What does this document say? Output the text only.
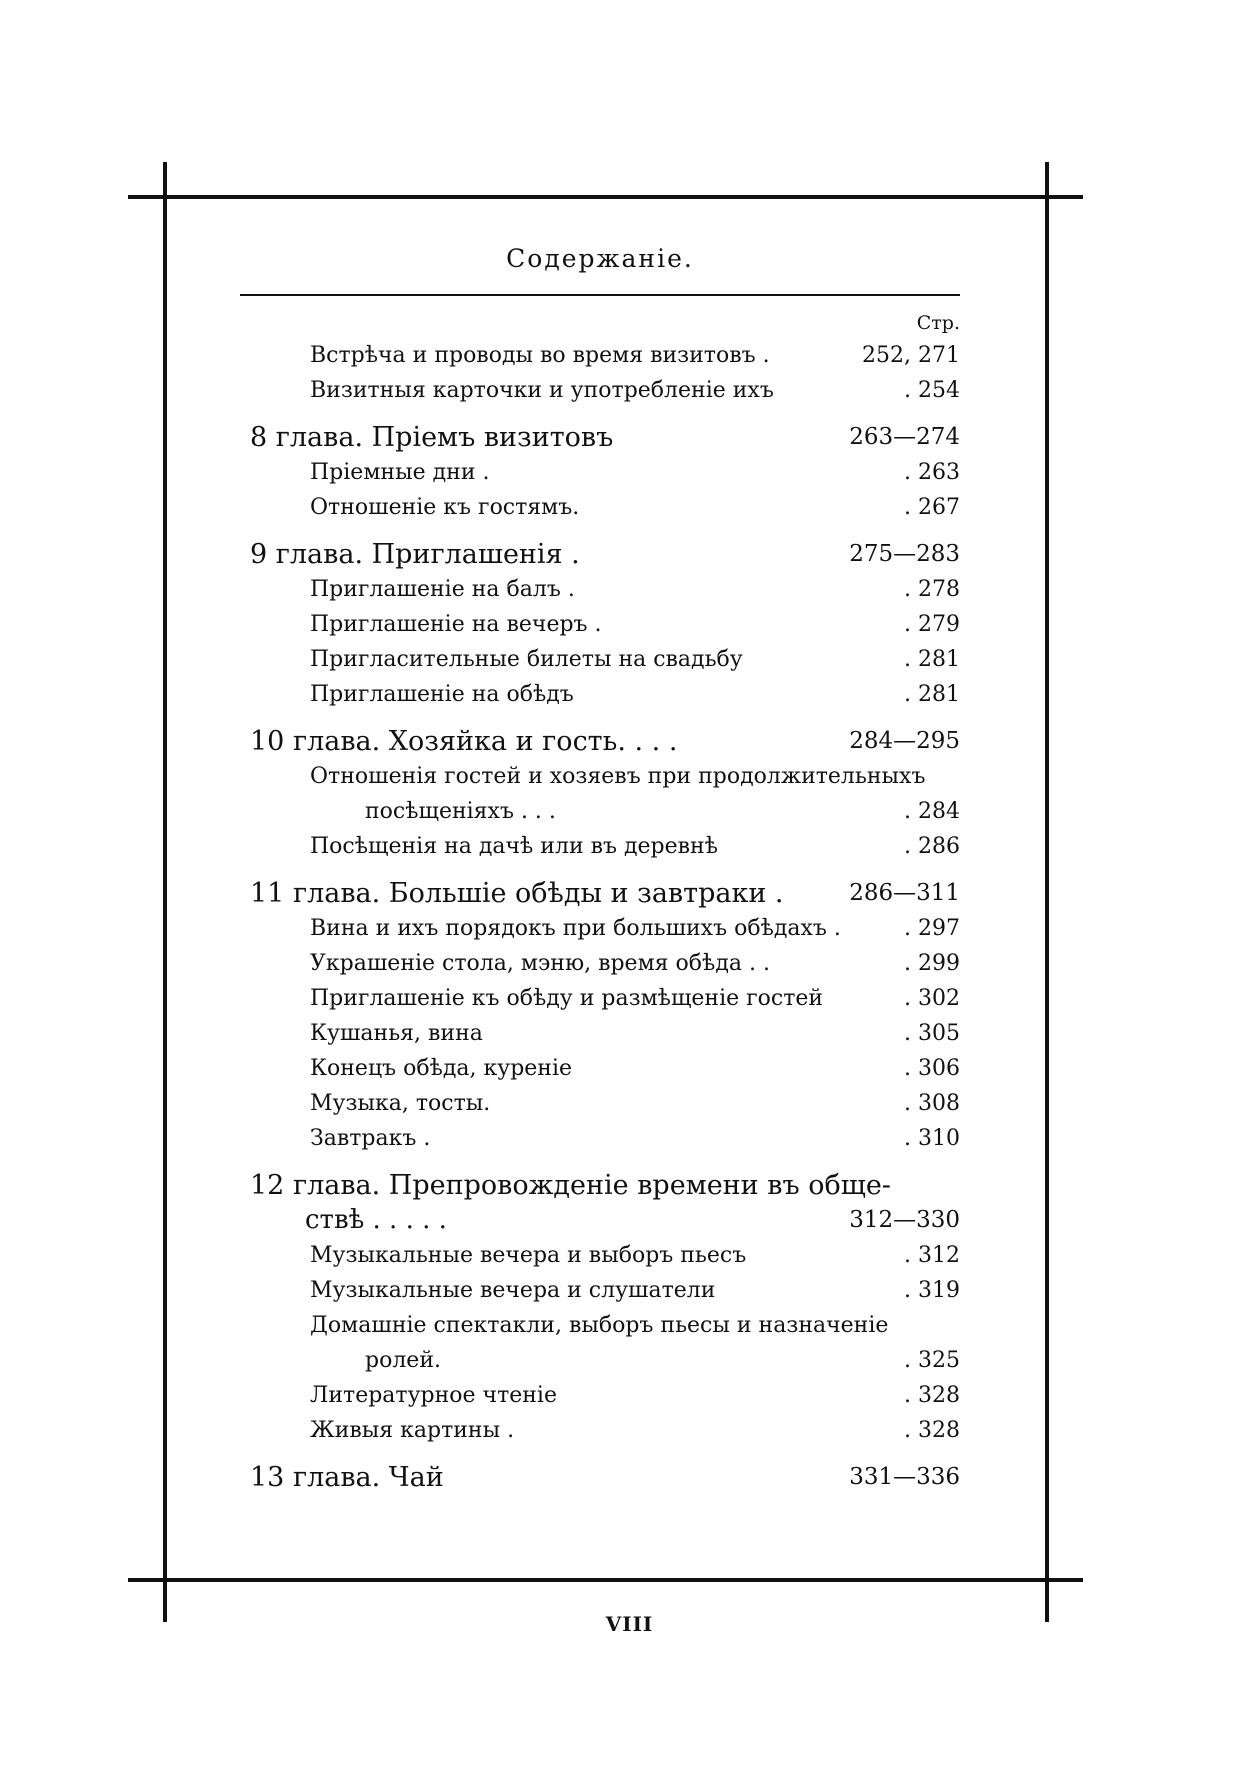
Содержаніе.
Стр.
Встрѣча и проводы во время визитовъ .	252, 271
Визитныя карточки и употребленіе ихъ	. 254
8 глава. Пріемъ визитовъ	263—274
Пріемные дни .	. 263
Отношеніе къ гостямъ.	. 267
9 глава. Приглашенія .	275—283
Приглашеніе на балъ .	. 278
Приглашеніе на вечеръ .	. 279
Пригласительные билеты на свадьбу	. 281
Приглашеніе на обѣдъ	. 281
10 глава. Хозяйка и гость. . . .	284—295
Отношенія гостей и хозяевъ при продолжительныхъ
посѣщеніяхъ . . .	. 284
Посѣщенія на дачѣ или въ деревнѣ	. 286
11 глава. Большіе обѣды и завтраки .	286—311
Вина и ихъ порядокъ при большихъ обѣдахъ .	. 297
Украшеніе стола, мэню, время обѣда . .	. 299
Приглашеніе къ обѣду и размѣщеніе гостей	. 302
Кушанья, вина	. 305
Конецъ обѣда, куреніе	. 306
Музыка, тосты.	. 308
Завтракъ .	. 310
12 глава. Препровожденіе времени въ обще-
ствѣ . . . . .	312—330
Музыкальные вечера и выборъ пьесъ	. 312
Музыкальные вечера и слушатели	. 319
Домашніе спектакли, выборъ пьесы и назначеніе
ролей.	. 325
Литературное чтеніе	. 328
Живыя картины .	. 328
13 глава. Чай	331—336
VIII
